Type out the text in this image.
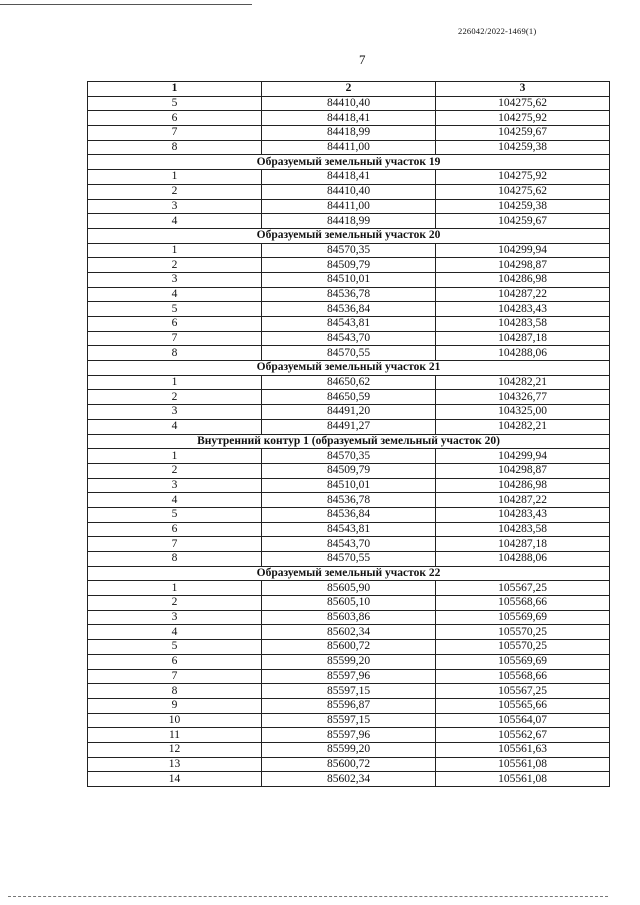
226042/2022-1469(1)
7
1	2	3
5	84410,40	104275,62
6	84418,41	104275,92
7	84418,99	104259,67
8	84411,00	104259,38
Образуемый земельный участок 19		
1	84418,41	104275,92
2	84410,40	104275,62
3	84411,00	104259,38
4	84418,99	104259,67
Образуемый земельный участок 20		
1	84570,35	104299,94
2	84509,79	104298,87
3	84510,01	104286,98
4	84536,78	104287,22
5	84536,84	104283,43
6	84543,81	104283,58
7	84543,70	104287,18
8	84570,55	104288,06
Образуемый земельный участок 21		
1	84650,62	104282,21
2	84650,59	104326,77
3	84491,20	104325,00
4	84491,27	104282,21
Внутренний контур 1 (образуемый земельный участок 20)		
1	84570,35	104299,94
2	84509,79	104298,87
3	84510,01	104286,98
4	84536,78	104287,22
5	84536,84	104283,43
6	84543,81	104283,58
7	84543,70	104287,18
8	84570,55	104288,06
Образуемый земельный участок 22		
1	85605,90	105567,25
2	85605,10	105568,66
3	85603,86	105569,69
4	85602,34	105570,25
5	85600,72	105570,25
6	85599,20	105569,69
7	85597,96	105568,66
8	85597,15	105567,25
9	85596,87	105565,66
10	85597,15	105564,07
11	85597,96	105562,67
12	85599,20	105561,63
13	85600,72	105561,08
14	85602,34	105561,08
